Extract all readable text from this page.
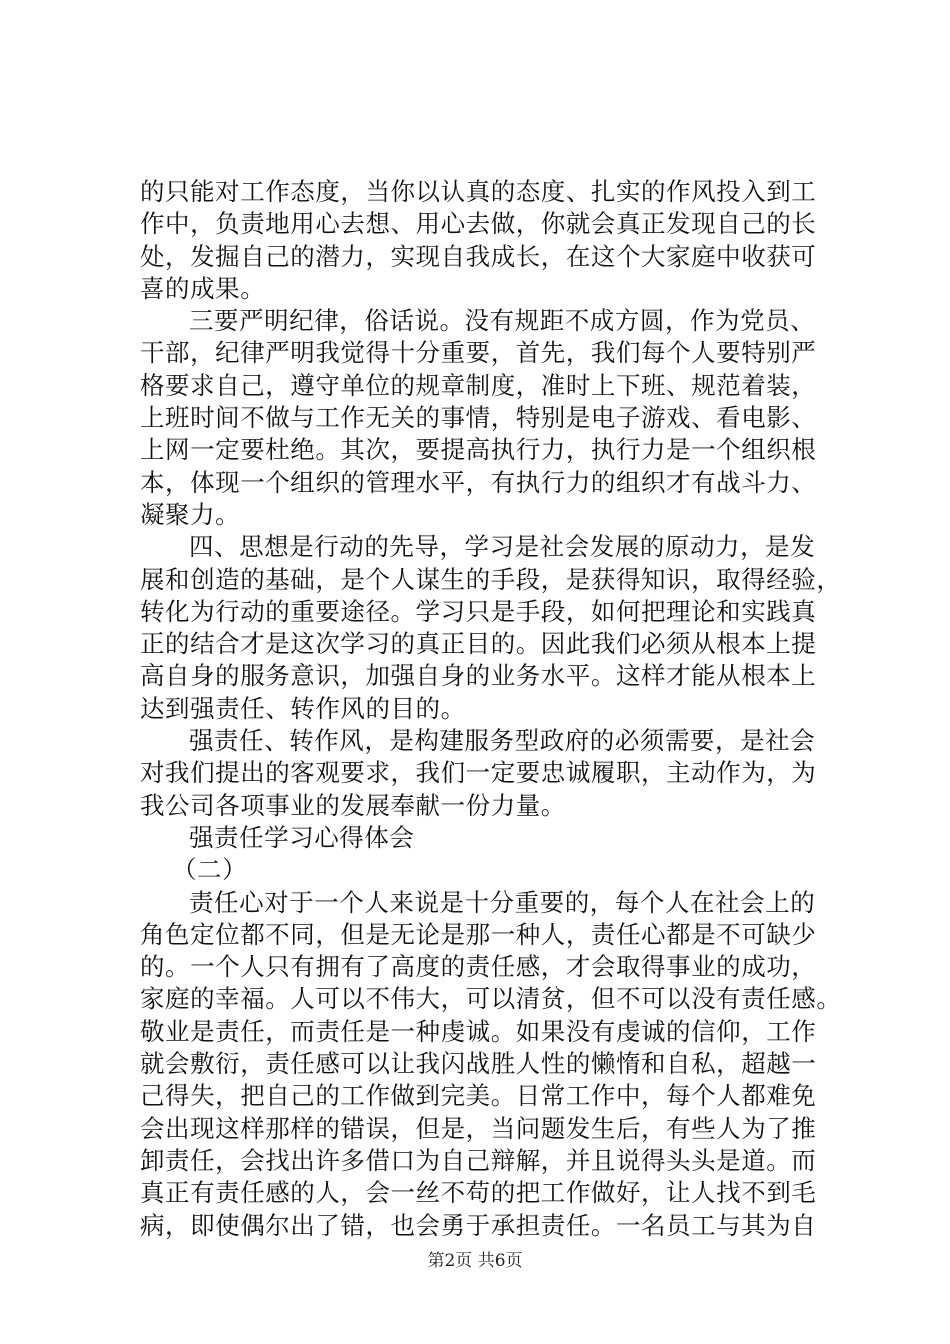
的只能对工作态度，当你以认真的态度、扎实的作风投入到工
作中，负责地用心去想、用心去做，你就会真正发现自己的长
处，发掘自己的潜力，实现自我成长，在这个大家庭中收获可
喜的成果。
三要严明纪律，俗话说。没有规距不成方圆，作为党员、
干部，纪律严明我觉得十分重要，首先，我们每个人要特别严
格要求自己，遵守单位的规章制度，准时上下班、规范着装，
上班时间不做与工作无关的事情，特别是电子游戏、看电影、
上网一定要杜绝。其次，要提高执行力，执行力是一个组织根
本，体现一个组织的管理水平，有执行力的组织才有战斗力、
凝聚力。
四、思想是行动的先导，学习是社会发展的原动力，是发
展和创造的基础，是个人谋生的手段，是获得知识，取得经验，
转化为行动的重要途径。学习只是手段，如何把理论和实践真
正的结合才是这次学习的真正目的。因此我们必须从根本上提
高自身的服务意识，加强自身的业务水平。这样才能从根本上
达到强责任、转作风的目的。
强责任、转作风，是构建服务型政府的必须需要，是社会
对我们提出的客观要求，我们一定要忠诚履职，主动作为，为
我公司各项事业的发展奉献一份力量。
强责任学习心得体会
（二）
责任心对于一个人来说是十分重要的，每个人在社会上的
角色定位都不同，但是无论是那一种人，责任心都是不可缺少
的。一个人只有拥有了高度的责任感，才会取得事业的成功，
家庭的幸福。人可以不伟大，可以清贫，但不可以没有责任感。
敬业是责任，而责任是一种虔诚。如果没有虔诚的信仰，工作
就会敷衍，责任感可以让我闪战胜人性的懒惰和自私，超越一
己得失，把自己的工作做到完美。日常工作中，每个人都难免
会出现这样那样的错误，但是，当问题发生后，有些人为了推
卸责任，会找出许多借口为自己辩解，并且说得头头是道。而
真正有责任感的人，会一丝不苟的把工作做好，让人找不到毛
病，即使偶尔出了错，也会勇于承担责任。一名员工与其为自
第2页 共6页
